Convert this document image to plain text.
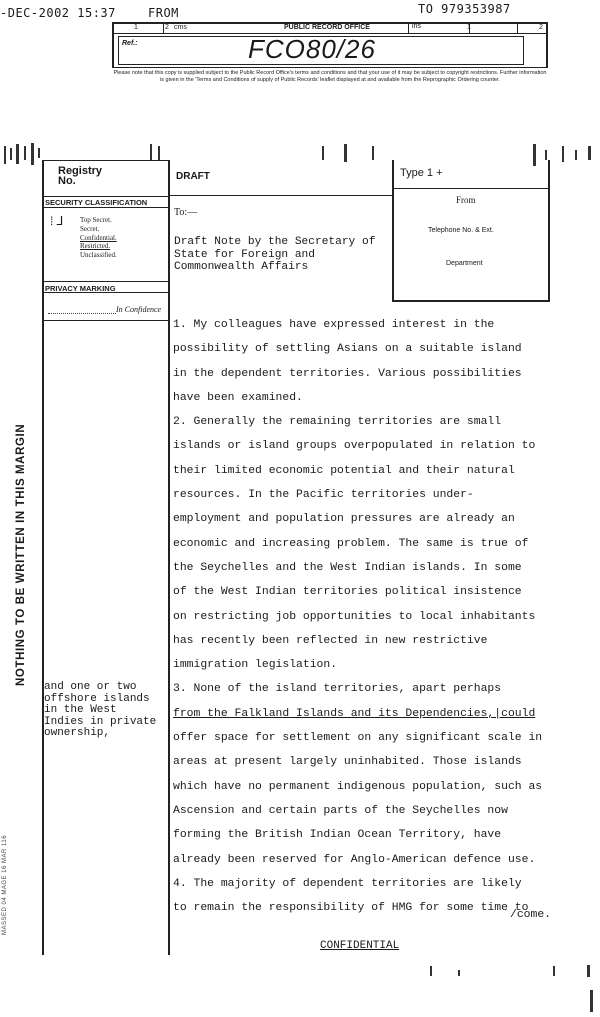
-DEC-2002 15:37	FROM	TO 979353987
1	2 cms	PUBLIC RECORD OFFICE	ins	1	2
Ref.:	FCO80/26
Please note that this copy is supplied subject to the Public Record Office's terms and conditions and that your use of it may be subject to copyright restrictions. Further information is given in the 'Terms and Conditions of supply of Public Records' leaflet displayed at and available from the Reprographic Ordering counter.
Registry No.
SECURITY CLASSIFICATION
⁞ ⅃ Top Secret.
Secret.
Confidential.
Restricted.
Unclassified.
PRIVACY MARKING
In Confidence
DRAFT	Type 1 +
To:—
From
Telephone No. & Ext.
Department
Draft Note by the Secretary of
State for Foreign and
Commonwealth Affairs
NOTHING TO BE WRITTEN IN THIS MARGIN
MASSED 04 MAGE 16 MAR 116
and one or two
offshore islands
in the West
Indies in private
ownership,
1. My colleagues have expressed interest in the
possibility of settling Asians on a suitable island
in the dependent territories. Various possibilities
have been examined.
2. Generally the remaining territories are small
islands or island groups overpopulated in relation to
their limited economic potential and their natural
resources. In the Pacific territories under-
employment and population pressures are already an
economic and increasing problem. The same is true of
the Seychelles and the West Indian islands. In some
of the West Indian territories political insistence
on restricting job opportunities to local inhabitants
has recently been reflected in new restrictive
immigration legislation.
3. None of the island territories, apart perhaps
from the Falkland Islands and its Dependencies,|could
offer space for settlement on any significant scale in
areas at present largely uninhabited. Those islands
which have no permanent indigenous population, such as
Ascension and certain parts of the Seychelles now
forming the British Indian Ocean Territory, have
already been reserved for Anglo-American defence use.
4. The majority of dependent territories are likely
to remain the responsibility of HMG for some time to
/come.
CONFIDENTIAL
